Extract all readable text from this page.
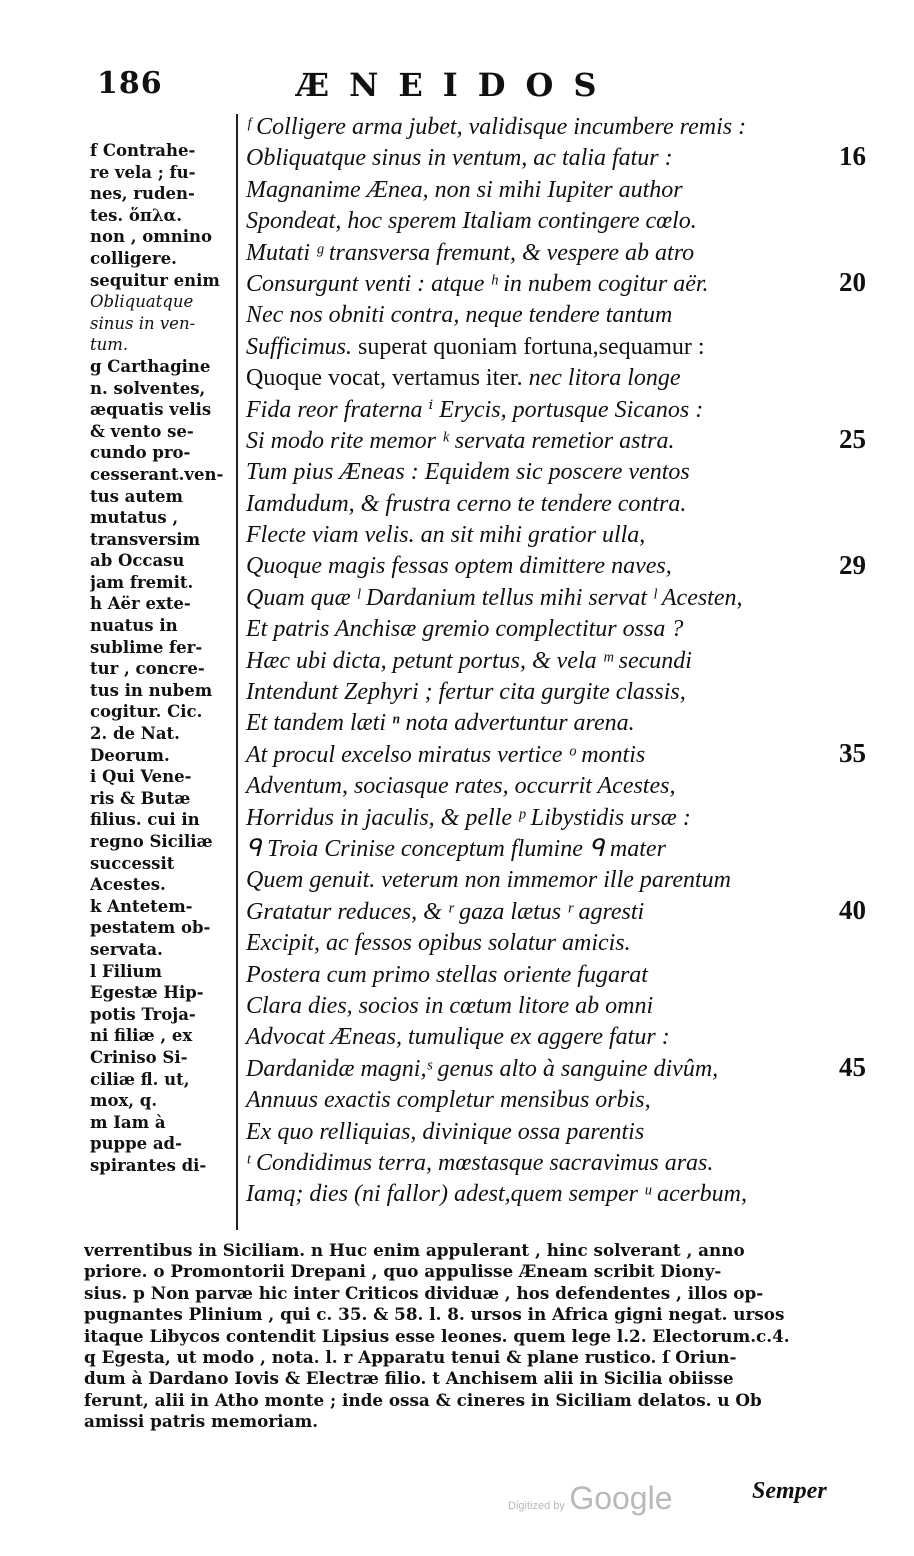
186	ÆNEIDOS
f Contrahe-
re vela ; fu-
nes, ruden-
tes. ὅπλα.
non , omnino
colligere.
sequitur enim
Obliquatque
sinus in ven-
tum.
g Carthagine
n. solventes,
æquatis velis
& vento se-
cundo pro-
cesserant.ven-
tus autem
mutatus ,
transversim
ab Occasu
jam fremit.
h Aër exte-
nuatus in
sublime fer-
tur , concre-
tus in nubem
cogitur. Cic.
2. de Nat.
Deorum.
i Qui Vene-
ris & Butæ
filius. cui in
regno Siciliæ
successit
Acestes.
k Antetem-
pestatem ob-
servata.
l Filium
Egestæ Hip-
potis Troja-
ni filiæ , ex
Criniso Si-
ciliæ fl. ut,
mox, q.
m Iam à
puppe ad-
spirantes di-
ᶠ Colligere arma jubet, validisque incumbere remis :
Obliquatque sinus in ventum, ac talia fatur :
Magnanime Ænea, non si mihi Iupiter author
Spondeat, hoc sperem Italiam contingere cœlo.
Mutati ᵍ transversa fremunt, & vespere ab atro
Consurgunt venti : atque ʰ in nubem cogitur aër.
Nec nos obniti contra, neque tendere tantum
Sufficimus. superat quoniam fortuna,sequamur :
Quoque vocat, vertamus iter. nec litora longe
Fida reor fraterna ⁱ Erycis, portusque Sicanos :
Si modo rite memor ᵏ servata remetior astra.
Tum pius Æneas : Equidem sic poscere ventos
Iamdudum, & frustra cerno te tendere contra.
Flecte viam velis. an sit mihi gratior ulla,
Quoque magis fessas optem dimittere naves,
Quam quæ ˡ Dardanium tellus mihi servat ˡ Acesten,
Et patris Anchisæ gremio complectitur ossa ?
Hæc ubi dicta, petunt portus, & vela ᵐ secundi
Intendunt Zephyri ; fertur cita gurgite classis,
Et tandem læti ⁿ nota advertuntur arena.
At procul excelso miratus vertice ᵒ montis
Adventum, sociasque rates, occurrit Acestes,
Horridus in jaculis, & pelle ᵖ Libystidis ursæ :
ᑫ Troia Crinise conceptum flumine ᑫ mater
Quem genuit. veterum non immemor ille parentum
Gratatur reduces, & ʳ gaza lætus ʳ agresti
Excipit, ac fessos opibus solatur amicis.
Postera cum primo stellas oriente fugarat
Clara dies, socios in cœtum litore ab omni
Advocat Æneas, tumulique ex aggere fatur :
Dardanidæ magni,ˢ genus alto à sanguine divûm,
Annuus exactis completur mensibus orbis,
Ex quo relliquias, divinique ossa parentis
ᵗ Condidimus terra, mœstasque sacravimus aras.
Iamq; dies (ni fallor) adest,quem semper ᵘ acerbum,
16
20
25
29
35
40
45
verrentibus in Siciliam. n Huc enim appulerant , hinc solverant , anno
priore. o Promontorii Drepani , quo appulisse Æneam scribit Diony-
sius. p Non parvæ hic inter Criticos dividuæ , hos defendentes , illos op-
pugnantes Plinium , qui c. 35. & 58. l. 8. ursos in Africa gigni negat. ursos
itaque Libycos contendit Lipsius esse leones. quem lege l.2. Electorum.c.4.
q Egesta, ut modo , nota. l. r Apparatu tenui & plane rustico. ſ Oriun-
dum à Dardano Iovis & Electræ filio. t Anchisem alii in Sicilia obiisse
ferunt, alii in Atho monte ; inde ossa & cineres in Siciliam delatos. u Ob
amissi patris memoriam.
Digitized by Google	Semper
